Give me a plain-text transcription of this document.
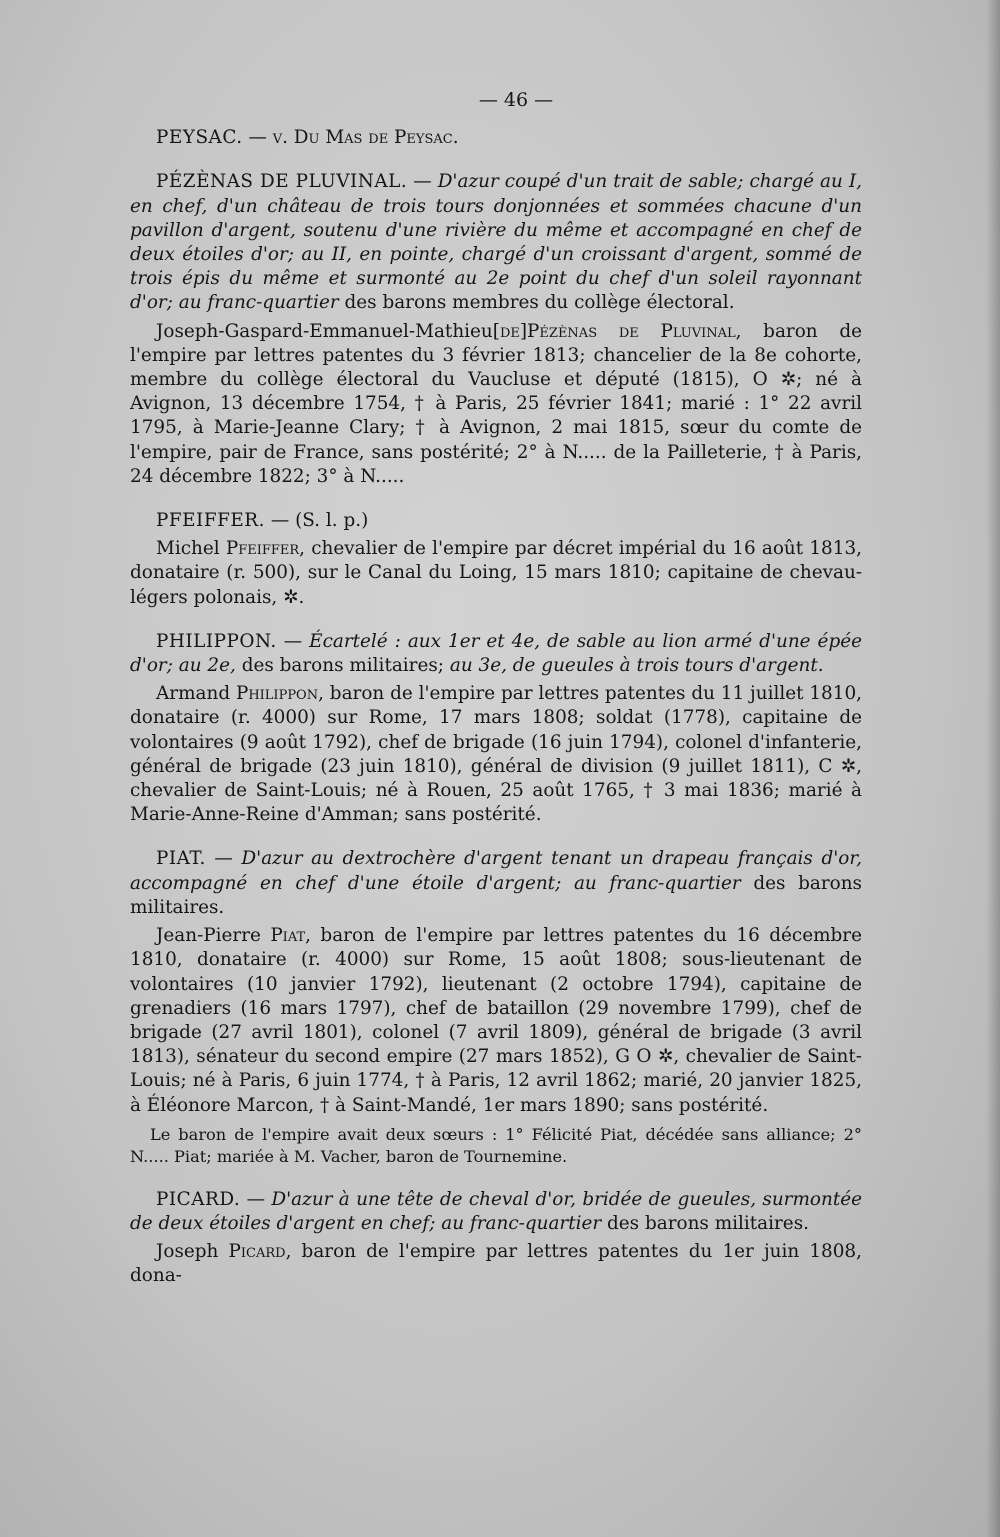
— 46 —

PEYSAC. — v. Du Mas de Peysac.

PÉZÈNAS DE PLUVINAL. — D'azur coupé d'un trait de sable; chargé au I, en chef, d'un château de trois tours donjonnées et sommées chacune d'un pavillon d'argent, soutenu d'une rivière du même et accompagné en chef de deux étoiles d'or; au II, en pointe, chargé d'un croissant d'argent, sommé de trois épis du même et surmonté au 2e point du chef d'un soleil rayonnant d'or; au franc-quartier des barons membres du collège électoral.

Joseph-Gaspard-Emmanuel-Mathieu[de]Pézènas de Pluvinal, baron de l'empire par lettres patentes du 3 février 1813; chancelier de la 8e cohorte, membre du collège électoral du Vaucluse et député (1815), O ✲; né à Avignon, 13 décembre 1754, † à Paris, 25 février 1841; marié : 1° 22 avril 1795, à Marie-Jeanne Clary; † à Avignon, 2 mai 1815, sœur du comte de l'empire, pair de France, sans postérité; 2° à N..... de la Pailleterie, † à Paris, 24 décembre 1822; 3° à N.....

PFEIFFER. — (S. l. p.)

Michel Pfeiffer, chevalier de l'empire par décret impérial du 16 août 1813, donataire (r. 500), sur le Canal du Loing, 15 mars 1810; capitaine de chevau-légers polonais, ✲.

PHILIPPON. — Écartelé : aux 1er et 4e, de sable au lion armé d'une épée d'or; au 2e, des barons militaires; au 3e, de gueules à trois tours d'argent.

Armand Philippon, baron de l'empire par lettres patentes du 11 juillet 1810, donataire (r. 4000) sur Rome, 17 mars 1808; soldat (1778), capitaine de volontaires (9 août 1792), chef de brigade (16 juin 1794), colonel d'infanterie, général de brigade (23 juin 1810), général de division (9 juillet 1811), C ✲, chevalier de Saint-Louis; né à Rouen, 25 août 1765, † 3 mai 1836; marié à Marie-Anne-Reine d'Amman; sans postérité.

PIAT. — D'azur au dextrochère d'argent tenant un drapeau français d'or, accompagné en chef d'une étoile d'argent; au franc-quartier des barons militaires.

Jean-Pierre Piat, baron de l'empire par lettres patentes du 16 décembre 1810, donataire (r. 4000) sur Rome, 15 août 1808; sous-lieutenant de volontaires (10 janvier 1792), lieutenant (2 octobre 1794), capitaine de grenadiers (16 mars 1797), chef de bataillon (29 novembre 1799), chef de brigade (27 avril 1801), colonel (7 avril 1809), général de brigade (3 avril 1813), sénateur du second empire (27 mars 1852), G O ✲, chevalier de Saint-Louis; né à Paris, 6 juin 1774, † à Paris, 12 avril 1862; marié, 20 janvier 1825, à Éléonore Marcon, † à Saint-Mandé, 1er mars 1890; sans postérité.

Le baron de l'empire avait deux sœurs : 1° Félicité Piat, décédée sans alliance; 2° N..... Piat; mariée à M. Vacher, baron de Tournemine.

PICARD. — D'azur à une tête de cheval d'or, bridée de gueules, surmontée de deux étoiles d'argent en chef; au franc-quartier des barons militaires.

Joseph Picard, baron de l'empire par lettres patentes du 1er juin 1808, dona-
